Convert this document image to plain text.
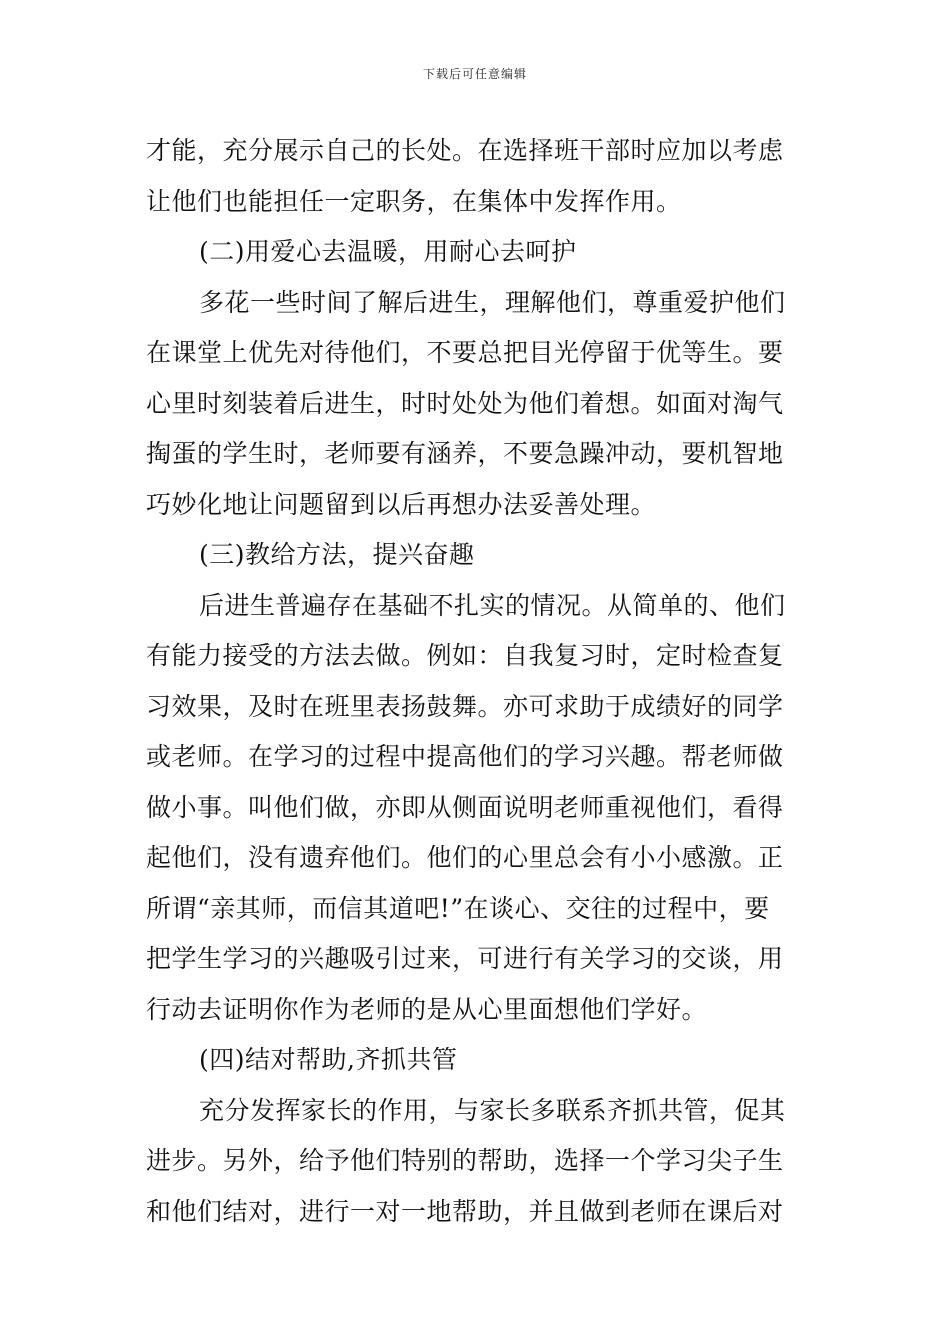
下载后可任意编辑
才能，充分展示自己的长处。在选择班干部时应加以考虑
让他们也能担任一定职务，在集体中发挥作用。
(二)用爱心去温暖，用耐心去呵护
多花一些时间了解后进生，理解他们，尊重爱护他们
在课堂上优先对待他们，不要总把目光停留于优等生。要
心里时刻装着后进生，时时处处为他们着想。如面对淘气
掏蛋的学生时，老师要有涵养，不要急躁冲动，要机智地
巧妙化地让问题留到以后再想办法妥善处理。
(三)教给方法，提兴奋趣
后进生普遍存在基础不扎实的情况。从简单的、他们
有能力接受的方法去做。例如：自我复习时，定时检查复
习效果，及时在班里表扬鼓舞。亦可求助于成绩好的同学
或老师。在学习的过程中提高他们的学习兴趣。帮老师做
做小事。叫他们做，亦即从侧面说明老师重视他们，看得
起他们，没有遗弃他们。他们的心里总会有小小感激。正
所谓“亲其师，而信其道吧!”在谈心、交往的过程中，要
把学生学习的兴趣吸引过来，可进行有关学习的交谈，用
行动去证明你作为老师的是从心里面想他们学好。
(四)结对帮助,齐抓共管
充分发挥家长的作用，与家长多联系齐抓共管，促其
进步。另外，给予他们特别的帮助，选择一个学习尖子生
和他们结对，进行一对一地帮助，并且做到老师在课后对
